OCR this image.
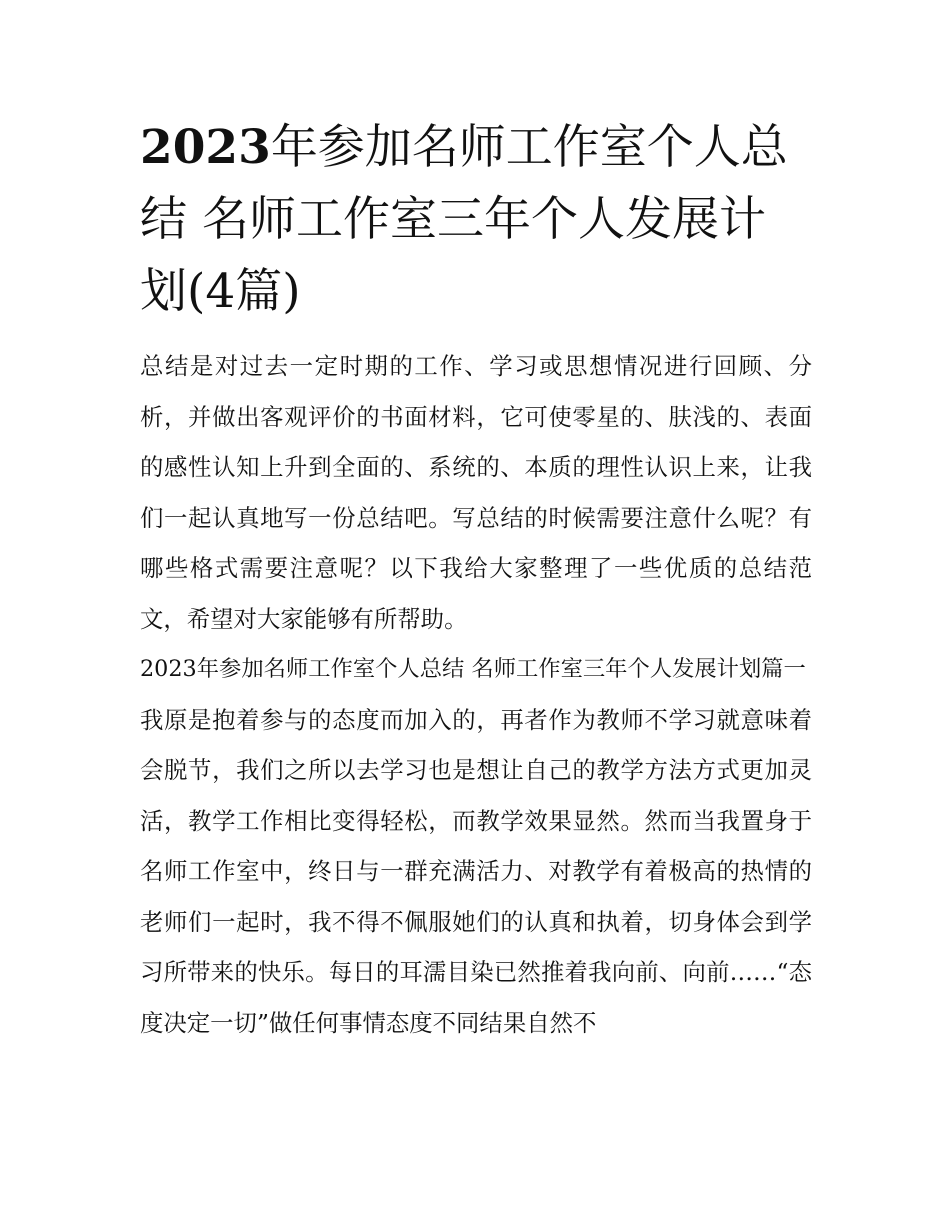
2023年参加名师工作室个人总结 名师工作室三年个人发展计划(4篇)

总结是对过去一定时期的工作、学习或思想情况进行回顾、分析，并做出客观评价的书面材料，它可使零星的、肤浅的、表面的感性认知上升到全面的、系统的、本质的理性认识上来，让我们一起认真地写一份总结吧。写总结的时候需要注意什么呢？有哪些格式需要注意呢？以下我给大家整理了一些优质的总结范文，希望对大家能够有所帮助。

2023年参加名师工作室个人总结 名师工作室三年个人发展计划篇一

我原是抱着参与的态度而加入的，再者作为教师不学习就意味着会脱节，我们之所以去学习也是想让自己的教学方法方式更加灵活，教学工作相比变得轻松，而教学效果显然。然而当我置身于名师工作室中，终日与一群充满活力、对教学有着极高的热情的老师们一起时，我不得不佩服她们的认真和执着，切身体会到学习所带来的快乐。每日的耳濡目染已然推着我向前、向前……“态度决定一切”做任何事情态度不同结果自然不
